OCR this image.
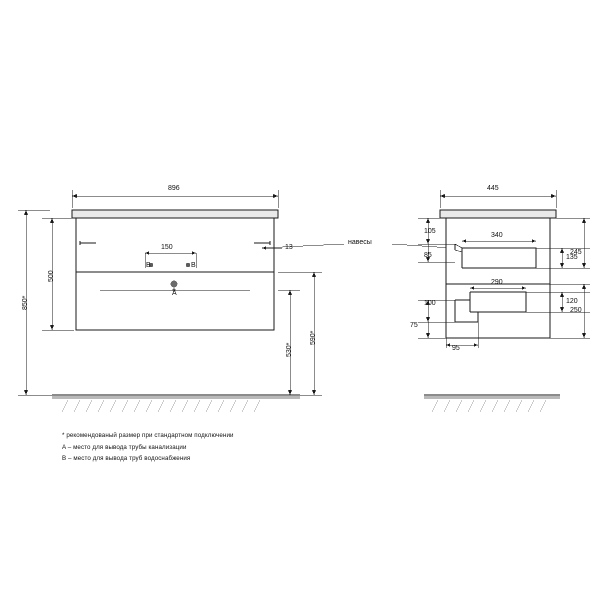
896
500
850*
150	13
590*
530*
B	B
A
навесы
445
340
290
95
105
85
100
75
245
135
250
120
* рекомендованый размер при стандартном подключении
A – место для вывода трубы канализации
B – место для вывода труб водоснабжения
